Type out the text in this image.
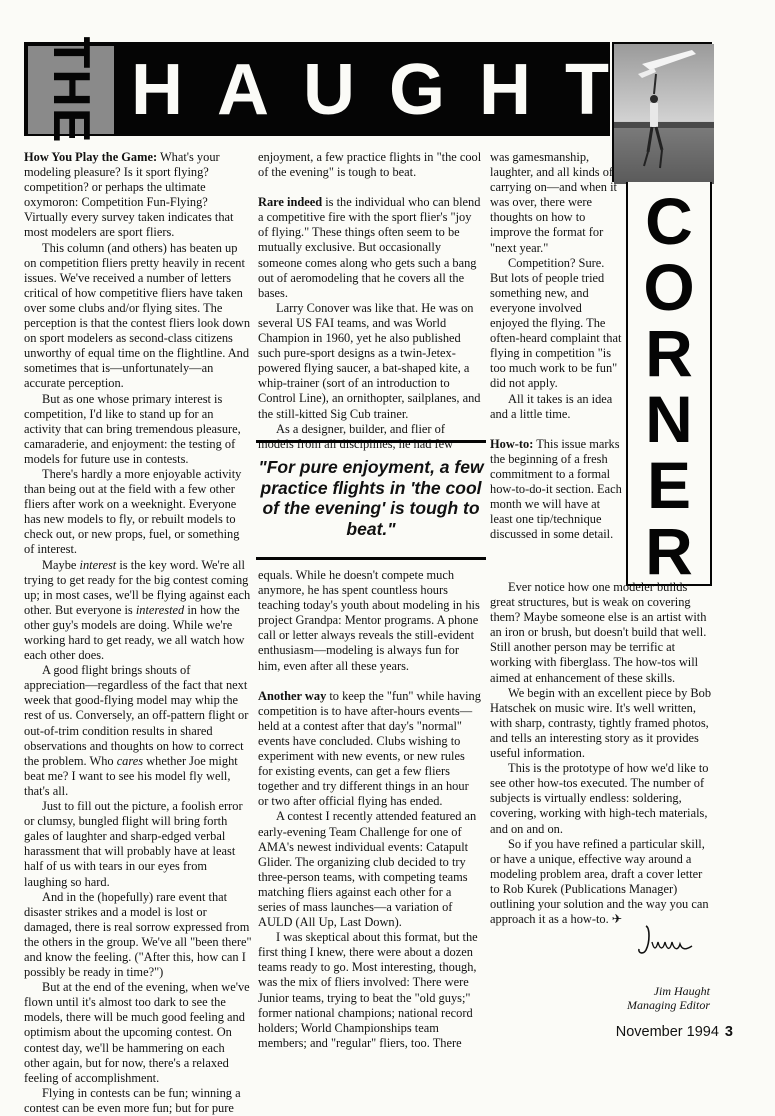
THE H A U G H T
C
O
R
N
E
R

How You Play the Game: What's your modeling pleasure? Is it sport flying? competition? or perhaps the ultimate oxymoron: Competition Fun-Flying? Virtually every survey taken indicates that most modelers are sport fliers.

This column (and others) has beaten up on competition fliers pretty heavily in recent issues. We've received a number of letters critical of how competitive fliers have taken over some clubs and/or flying sites. The perception is that the contest fliers look down on sport modelers as second-class citizens unworthy of equal time on the flightline. And sometimes that is—unfortunately—an accurate perception.

But as one whose primary interest is competition, I'd like to stand up for an activity that can bring tremendous pleasure, camaraderie, and enjoyment: the testing of models for future use in contests.

There's hardly a more enjoyable activity than being out at the field with a few other fliers after work on a weeknight. Everyone has new models to fly, or rebuilt models to check out, or new props, fuel, or something of interest.

Maybe interest is the key word. We're all trying to get ready for the big contest coming up; in most cases, we'll be flying against each other. But everyone is interested in how the other guy's models are doing. While we're working hard to get ready, we all watch how each other does.

A good flight brings shouts of appreciation—regardless of the fact that next week that good-flying model may whip the rest of us. Conversely, an off-pattern flight or out-of-trim condition results in shared observations and thoughts on how to correct the problem. Who cares whether Joe might beat me? I want to see his model fly well, that's all.

Just to fill out the picture, a foolish error or clumsy, bungled flight will bring forth gales of laughter and sharp-edged verbal harassment that will probably have at least half of us with tears in our eyes from laughing so hard.

And in the (hopefully) rare event that disaster strikes and a model is lost or damaged, there is real sorrow expressed from the others in the group. We've all "been there" and know the feeling. ("After this, how can I possibly be ready in time?")

But at the end of the evening, when we've flown until it's almost too dark to see the models, there will be much good feeling and optimism about the upcoming contest. On contest day, we'll be hammering on each other again, but for now, there's a relaxed feeling of accomplishment.

Flying in contests can be fun; winning a contest can be even more fun; but for pure

enjoyment, a few practice flights in "the cool of the evening" is tough to beat.

Rare indeed is the individual who can blend a competitive fire with the sport flier's "joy of flying." These things often seem to be mutually exclusive. But occasionally someone comes along who gets such a bang out of aeromodeling that he covers all the bases.

Larry Conover was like that. He was on several US FAI teams, and was World Champion in 1960, yet he also published such pure-sport designs as a twin-Jetex-powered flying saucer, a bat-shaped kite, a whip-trainer (sort of an introduction to Control Line), an ornithopter, sailplanes, and the still-kitted Sig Cub trainer.

As a designer, builder, and flier of models from all disciplines, he had few

"For pure enjoyment, a few practice flights in 'the cool of the evening' is tough to beat."

equals. While he doesn't compete much anymore, he has spent countless hours teaching today's youth about modeling in his project Grandpa: Mentor programs. A phone call or letter always reveals the still-evident enthusiasm—modeling is always fun for him, even after all these years.

Another way to keep the "fun" while having competition is to have after-hours events—held at a contest after that day's "normal" events have concluded. Clubs wishing to experiment with new events, or new rules for existing events, can get a few fliers together and try different things in an hour or two after official flying has ended.

A contest I recently attended featured an early-evening Team Challenge for one of AMA's newest individual events: Catapult Glider. The organizing club decided to try three-person teams, with competing teams matching fliers against each other for a series of mass launches—a variation of AULD (All Up, Last Down).

I was skeptical about this format, but the first thing I knew, there were about a dozen teams ready to go. Most interesting, though, was the mix of fliers involved: There were Junior teams, trying to beat the "old guys;" former national champions; national record holders; World Championships team members; and "regular" fliers, too. There

was gamesmanship, laughter, and all kinds of carrying on—and when it was over, there were thoughts on how to improve the format for "next year."

Competition? Sure. But lots of people tried something new, and everyone involved enjoyed the flying. The often-heard complaint that flying in competition "is too much work to be fun" did not apply.

All it takes is an idea and a little time.

How-to: This issue marks the beginning of a fresh commitment to a formal how-to-do-it section. Each month we will have at least one tip/technique discussed in some detail.

Ever notice how one modeler builds great structures, but is weak on covering them? Maybe someone else is an artist with an iron or brush, but doesn't build that well. Still another person may be terrific at working with fiberglass. The how-tos will aimed at enhancement of these skills.

We begin with an excellent piece by Bob Hatschek on music wire. It's well written, with sharp, contrasty, tightly framed photos, and tells an interesting story as it provides useful information.

This is the prototype of how we'd like to see other how-tos executed. The number of subjects is virtually endless: soldering, covering, working with high-tech materials, and on and on.

So if you have refined a particular skill, or have a unique, effective way around a modeling problem area, draft a cover letter to Rob Kurek (Publications Manager) outlining your solution and the way you can approach it as a how-to. ✈

Jim Haught
Managing Editor
November 1994 3
